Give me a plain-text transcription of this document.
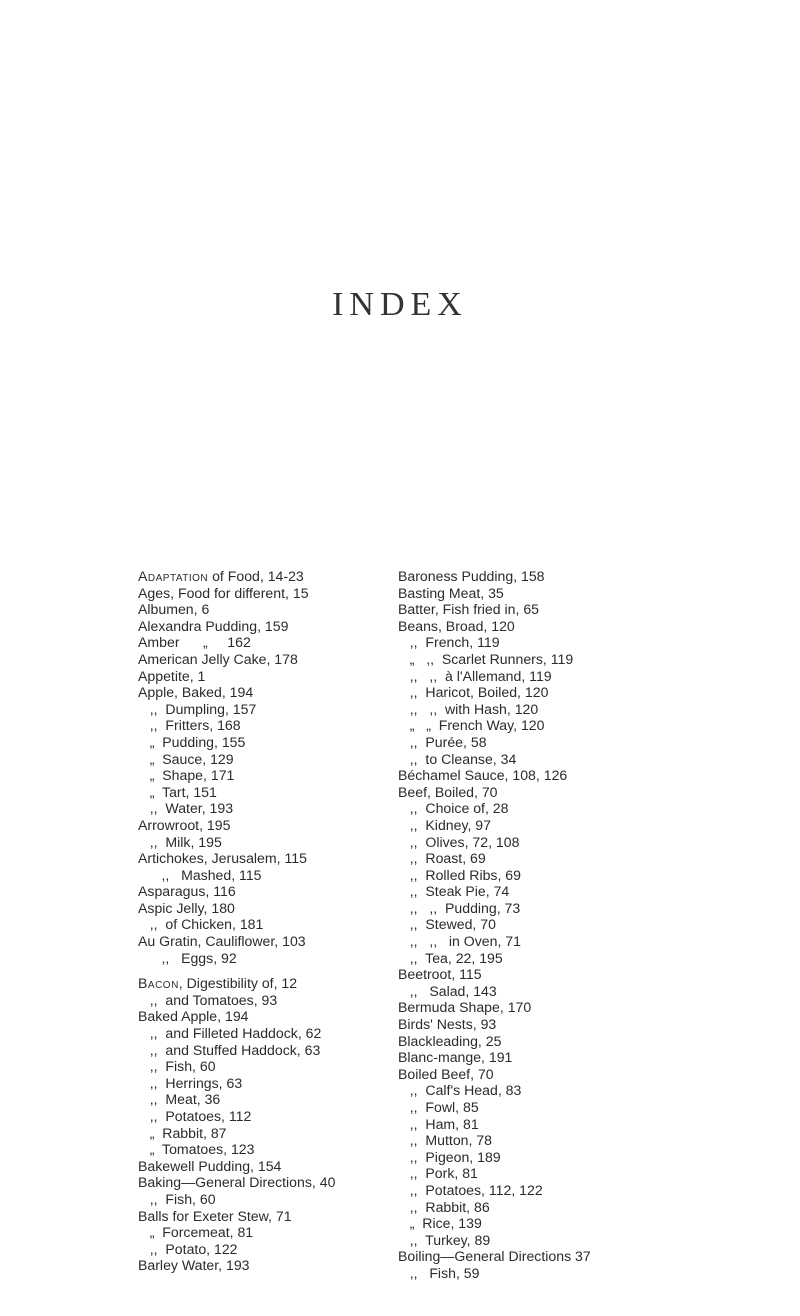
INDEX
Adaptation of Food, 14-23
Ages, Food for different, 15
Albumen, 6
Alexandra Pudding, 159
Amber      „     162
American Jelly Cake, 178
Appetite, 1
Apple, Baked, 194
,,  Dumpling, 157
,,  Fritters, 168
„  Pudding, 155
„  Sauce, 129
„  Shape, 171
„  Tart, 151
,,  Water, 193
Arrowroot, 195
,,  Milk, 195
Artichokes, Jerusalem, 115
,,   Mashed, 115
Asparagus, 116
Aspic Jelly, 180
,,  of Chicken, 181
Au Gratin, Cauliflower, 103
,,   Eggs, 92
Bacon, Digestibility of, 12
,,  and Tomatoes, 93
Baked Apple, 194
,,  and Filleted Haddock, 62
,,  and Stuffed Haddock, 63
,,  Fish, 60
,,  Herrings, 63
,,  Meat, 36
,,  Potatoes, 112
„  Rabbit, 87
„  Tomatoes, 123
Bakewell Pudding, 154
Baking—General Directions, 40
,,  Fish, 60
Balls for Exeter Stew, 71
„  Forcemeat, 81
,,  Potato, 122
Barley Water, 193
Baroness Pudding, 158
Basting Meat, 35
Batter, Fish fried in, 65
Beans, Broad, 120
,,  French, 119
„   ,,  Scarlet Runners, 119
,,   ,,  à l'Allemand, 119
,,  Haricot, Boiled, 120
,,   ,,  with Hash, 120
„   „  French Way, 120
,,  Purée, 58
,,  to Cleanse, 34
Béchamel Sauce, 108, 126
Beef, Boiled, 70
,,  Choice of, 28
,,  Kidney, 97
,,  Olives, 72, 108
,,  Roast, 69
,,  Rolled Ribs, 69
,,  Steak Pie, 74
,,   ,,  Pudding, 73
,,  Stewed, 70
,,   ,,   in Oven, 71
,,  Tea, 22, 195
Beetroot, 115
,,   Salad, 143
Bermuda Shape, 170
Birds' Nests, 93
Blackleading, 25
Blanc-mange, 191
Boiled Beef, 70
,,  Calf's Head, 83
,,  Fowl, 85
,,  Ham, 81
,,  Mutton, 78
,,  Pigeon, 189
,,  Pork, 81
,,  Potatoes, 112, 122
,,  Rabbit, 86
„  Rice, 139
,,  Turkey, 89
Boiling—General Directions 37
,,   Fish, 59
